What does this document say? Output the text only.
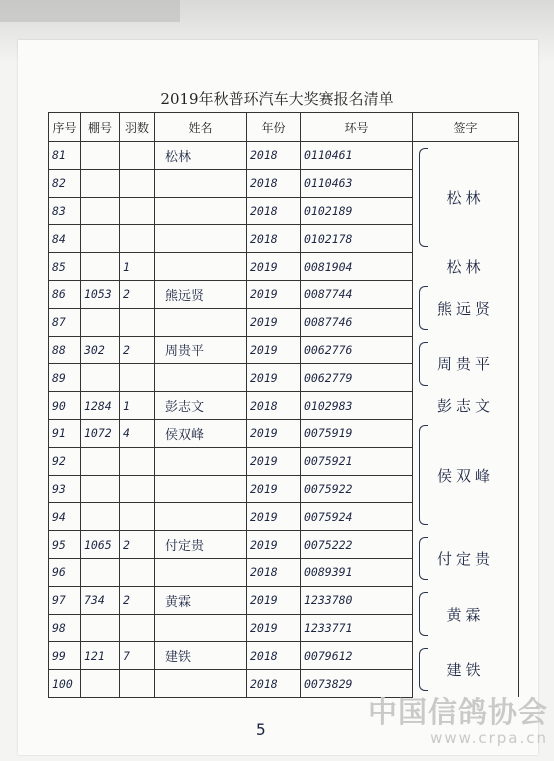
2019年秋普环汽车大奖赛报名清单
序号	棚号	羽数	姓名	年份	环号	签字
81			松林	2018	0110461	松林
82				2018	0110463	
83				2018	0102189	
84				2018	0102178	
85		1		2019	0081904	松林
86	1053	2	熊远贤	2019	0087744	熊远贤
87				2019	0087746	
88	302	2	周贵平	2019	0062776	周贵平
89				2019	0062779	
90	1284	1	彭志文	2018	0102983	彭志文
91	1072	4	侯双峰	2019	0075919	侯双峰
92				2019	0075921	
93				2019	0075922	
94				2019	0075924	
95	1065	2	付定贵	2019	0075222	付定贵
96				2018	0089391	
97	734	2	黄霖	2019	1233780	黄霖
98				2019	1233771	
99	121	7	建铁	2018	0079612	建铁
100				2018	0073829	
5
中国信鸽协会
www.crpa.cn
